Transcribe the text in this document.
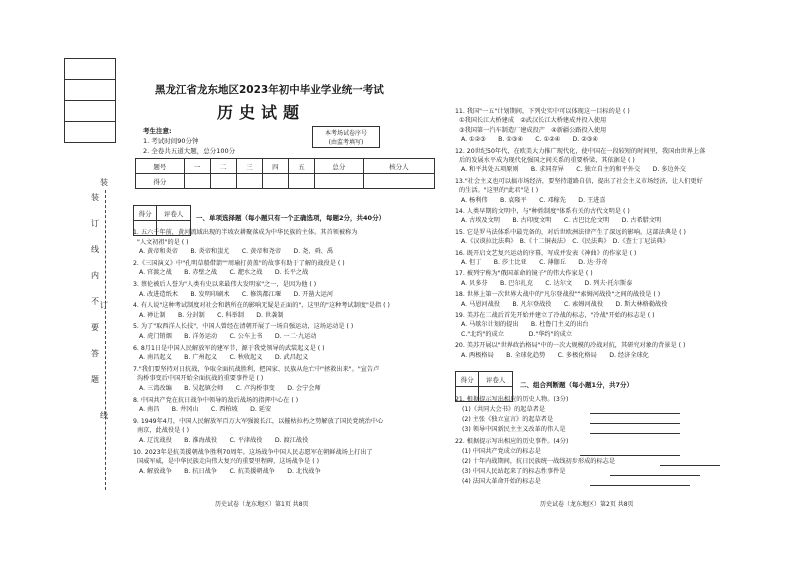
装
订
线
内
不
要
答
题
装
订
线
黑龙江省龙东地区2023年初中毕业学业统一考试
历史试题
考生注意:
1. 考试时间90分钟
2. 全卷共五道大题，总分100分
本考场试卷序号
(由监考填写)
题号	一	二	三	四	五	总分	核分人
得分							
得分	评卷人

一、单项选择题（每小题只有一个正确选项，每题2分，共40分）
1. 五六千年前，黄河流域出现的半坡农耕聚落成为中华民族的主体。其首领被称为
"人文初祖"的是 ( )
A. 黄帝和炎帝　　B. 炎帝和蚩尤　　C. 黄帝和尧帝　　D. 尧、舜、禹
2.《三国演义》中"孔明草船借箭""周瑜打黄盖"的故事有助于了解的战役是 ( )
A. 官渡之战　　B. 赤壁之战　　C. 淝水之战　　D. 长平之战
3. 蔡伦被后人誉为"人类有史以来最伟大发明家"之一，是因为他 ( )
A. 改进造纸术　　B. 发明印刷术　　C. 修筑都江堰　　D. 开凿大运河
4. 有人说"这种考试制度对社会和谐所在的影响无疑是正面的"，这里的"这种考试制度"是指 ( )
A. 禅让制　　B. 分封制　　C. 科举制　　D. 世袭制
5. 为了"取西洋人长技"，中国人曾经在清朝开展了一场自强运动，这场运动是 ( )
A. 虎门销烟　　B. 洋务运动　　C. 公车上书　　D. 一二·九运动
6. 8月1日是中国人民解放军的建军节，源于我党领导的武装起义是 ( )
A. 南昌起义　　B. 广州起义　　C. 秋收起义　　D. 武昌起义
7."我们要坚持对日抗战，争取全面抗战胜利，把国家、民族从危亡中"拯救出来"。"宣告卢
沟桥事变后中国开始全面抗战的重要事件是 ( )
A. 三湾改编　　B. 吴起镇会师　　C. 卢沟桥事变　　D. 会宁会师
8. 中国共产党在抗日战争中领导的敌后战场的指挥中心在 ( )
A. 南昌　　B. 井冈山　　C. 西柏坡　　D. 延安
9. 1949年4月，中国人民解放军百万大军强渡长江，以摧枯拉朽之势解放了国民党统治中心
南京，此战役是 ( )
A. 辽沈战役　　B. 淮海战役　　C. 平津战役　　D. 渡江战役
10. 2023年是抗美援朝战争胜利70周年。这场战争中国人民志愿军在朝鲜战场上打出了
国威军威，是中华民族走向伟大复兴的重要里程碑，这场战争是 ( )
A. 解放战争　　B. 抗日战争　　C. 抗美援朝战争　　D. 北伐战争
历史试卷（龙东地区）第1页 共8页
11. 我国"一五"计划期间，下列史实中可以体现这一目标的是 ( )
①我国长江大桥建成　②武汉长江大桥建成并投入使用
③我国第一汽车制造厂建成投产　④新疆公路投入使用
A. ①②③　　B. ①③④　　C. ①②④　　D. ②③④
12. 20世纪50年代，在欧美大力推广现代化，使中国在一段较短的时间里，我国由世界上落
后的发展水平成为现代化强国之间关系的重要桥梁，其依据是 ( )
A. 和平共处五项原则　　B. 求同存异　　C. 独立自主的和平外交　　D. 多边外交
13."社会主义也可以搞市场经济，要坚持道路自信，提出了社会主义市场经济，让人们更好
的生活。"这里的"此君"是 ( )
A. 杨利伟　　B. 袁隆平　　C. 邓稼先　　D. 王进喜
14. 人类早期的文明中，与"种姓制度"体系有关的古代文明是 ( )
A. 古埃及文明　　B. 古印度文明　　C. 古巴比伦文明　　D. 古希腊文明
15. 它是罗马法体系中最完备的，对后世欧洲法律产生了深远的影响。这部法典是 ( )
A.《汉谟拉比法典》　B.《十二铜表法》　C.《民法典》　D.《查士丁尼法典》
16. 既开启文艺复兴运动的序幕，写成并发表《神曲》的作家是 ( )
A. 但丁　　B. 莎士比亚　　C. 薄伽丘　　D. 达·芬奇
17. 被列宁称为"俄国革命的镜子"的伟大作家是 ( )
A. 贝多芬　　B. 巴尔扎克　　C. 达尔文　　D. 列夫·托尔斯泰
18. 世界上第一次世界大战中的"凡尔登战役""索姆河战役"之间的战役是 ( )
A. 马恩河战役　　B. 凡尔登战役　　C. 索姆河战役　　D. 斯大林格勒战役
19. 美苏在二战后首先开始并建立了冷战的标志，"冷战"开始的标志是 ( )
A. 马歇尔计划的提出　　B. 杜鲁门主义的出台
C."北约"的成立　　　　D."华约"的成立
20. 美苏开展以"世界政治格局"中的一次大规模的冷战对抗，其研究对象的背景是 ( )
A. 两极格局　　B. 全球化趋势　　C. 多极化格局　　D. 经济全球化
得分	评卷人

二、组合判断题（每小题1分，共7分）
21. 根据提示写出相应的历史人物。(3分)
(1)《共同大会书》的起草者是
(2) 主张《独立宣言》的起草者是
(3) 领导中国新民主主义改革的伟人是
22. 根据提示写出相应的历史事件。(4分)
(1) 中国共产党成立的标志是
(2) 十年内战期间，抗日民族统一战线初步形成的标志是
(3) 中国人民站起来了的标志性事件是
(4) 法国大革命开始的标志是
历史试卷（龙东地区）第2页 共8页
